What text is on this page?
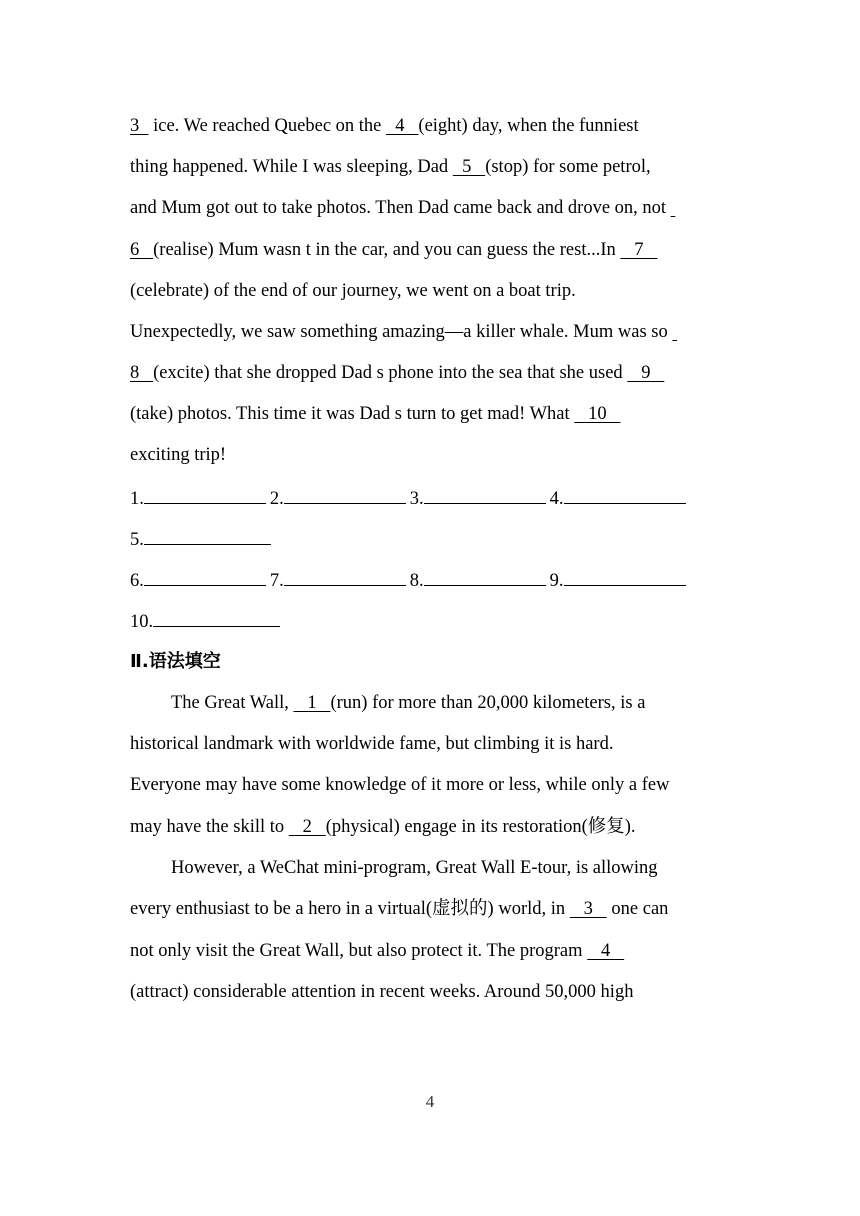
3   ice. We reached Quebec on the   4   (eight) day, when the funniest
thing happened. While I was sleeping, Dad   5   (stop) for some petrol,
and Mum got out to take photos. Then Dad came back and drove on, not
6   (realise) Mum wasn t in the car, and you can guess the rest...In    7
(celebrate) of the end of our journey, we went on a boat trip.
Unexpectedly, we saw something amazing—a killer whale. Mum was so
8   (excite) that she dropped Dad s phone into the sea that she used    9
(take) photos. This time it was Dad s turn to get mad! What    10
exciting trip!
1.	2.	3.	4.
5.
6.	7.	8.	9.
10.
Ⅱ.语法填空
The Great Wall,    1   (run) for more than 20,000 kilometers, is a
historical landmark with worldwide fame, but climbing it is hard.
Everyone may have some knowledge of it more or less, while only a few
may have the skill to    2   (physical) engage in its restoration(修复).
However, a WeChat mini-program, Great Wall E-tour, is allowing
every enthusiast to be a hero in a virtual(虚拟的) world, in    3    one can
not only visit the Great Wall, but also protect it. The program    4
(attract) considerable attention in recent weeks. Around 50,000 high
4
